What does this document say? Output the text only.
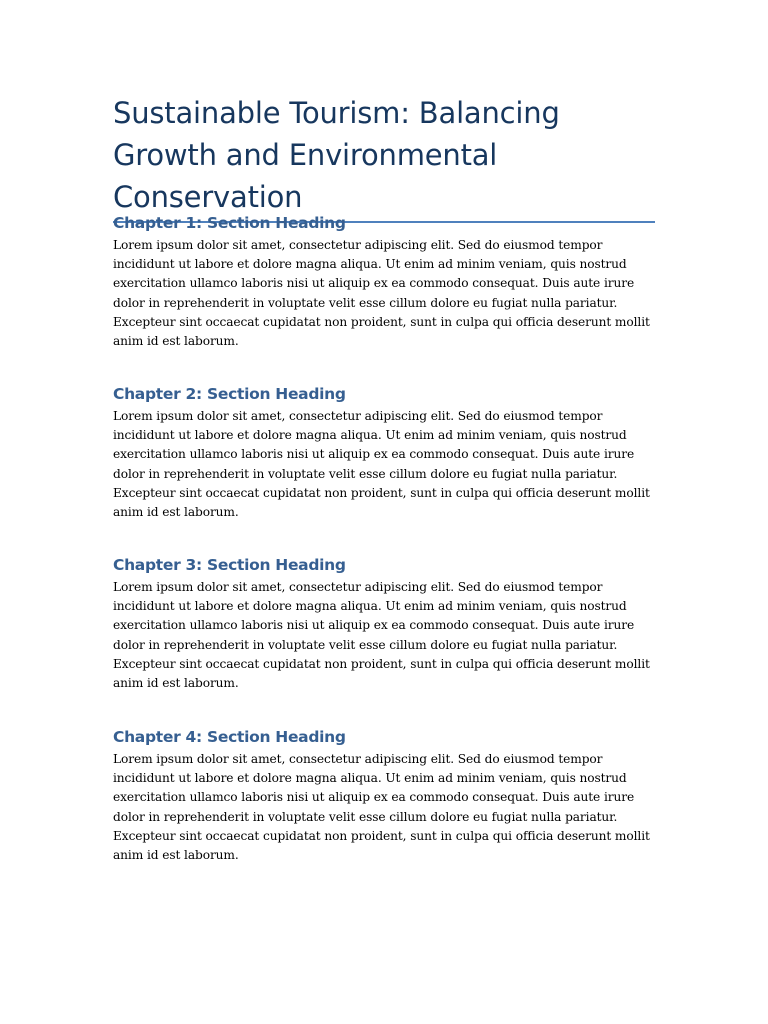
Sustainable Tourism: Balancing Growth and Environmental Conservation
Chapter 1: Section Heading

Lorem ipsum dolor sit amet, consectetur adipiscing elit. Sed do eiusmod tempor incididunt ut labore et dolore magna aliqua. Ut enim ad minim veniam, quis nostrud exercitation ullamco laboris nisi ut aliquip ex ea commodo consequat. Duis aute irure dolor in reprehenderit in voluptate velit esse cillum dolore eu fugiat nulla pariatur. Excepteur sint occaecat cupidatat non proident, sunt in culpa qui officia deserunt mollit anim id est laborum.

Chapter 2: Section Heading

Lorem ipsum dolor sit amet, consectetur adipiscing elit. Sed do eiusmod tempor incididunt ut labore et dolore magna aliqua. Ut enim ad minim veniam, quis nostrud exercitation ullamco laboris nisi ut aliquip ex ea commodo consequat. Duis aute irure dolor in reprehenderit in voluptate velit esse cillum dolore eu fugiat nulla pariatur. Excepteur sint occaecat cupidatat non proident, sunt in culpa qui officia deserunt mollit anim id est laborum.

Chapter 3: Section Heading

Lorem ipsum dolor sit amet, consectetur adipiscing elit. Sed do eiusmod tempor incididunt ut labore et dolore magna aliqua. Ut enim ad minim veniam, quis nostrud exercitation ullamco laboris nisi ut aliquip ex ea commodo consequat. Duis aute irure dolor in reprehenderit in voluptate velit esse cillum dolore eu fugiat nulla pariatur. Excepteur sint occaecat cupidatat non proident, sunt in culpa qui officia deserunt mollit anim id est laborum.

Chapter 4: Section Heading

Lorem ipsum dolor sit amet, consectetur adipiscing elit. Sed do eiusmod tempor incididunt ut labore et dolore magna aliqua. Ut enim ad minim veniam, quis nostrud exercitation ullamco laboris nisi ut aliquip ex ea commodo consequat. Duis aute irure dolor in reprehenderit in voluptate velit esse cillum dolore eu fugiat nulla pariatur. Excepteur sint occaecat cupidatat non proident, sunt in culpa qui officia deserunt mollit anim id est laborum.
